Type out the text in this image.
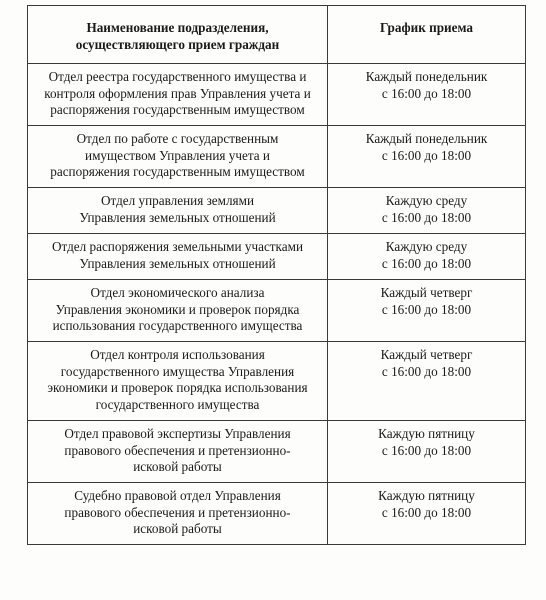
Наименование подразделения,
осуществляющего прием граждан	График приема

Отдел реестра государственного имущества и
контроля оформления прав Управления учета и
распоряжения государственным имуществом	Каждый понедельник
с 16:00 до 18:00

Отдел по работе с государственным
имуществом Управления учета и
распоряжения государственным имуществом	Каждый понедельник
с 16:00 до 18:00

Отдел управления землями
Управления земельных отношений	Каждую среду
с 16:00 до 18:00

Отдел распоряжения земельными участками
Управления земельных отношений	Каждую среду
с 16:00 до 18:00

Отдел экономического анализа
Управления экономики и проверок порядка
использования государственного имущества	Каждый четверг
с 16:00 до 18:00

Отдел контроля использования
государственного имущества Управления
экономики и проверок порядка использования
государственного имущества	Каждый четверг
с 16:00 до 18:00

Отдел правовой экспертизы Управления
правового обеспечения и претензионно-
исковой работы	Каждую пятницу
с 16:00 до 18:00

Судебно правовой отдел Управления
правового обеспечения и претензионно-
исковой работы	Каждую пятницу
с 16:00 до 18:00
